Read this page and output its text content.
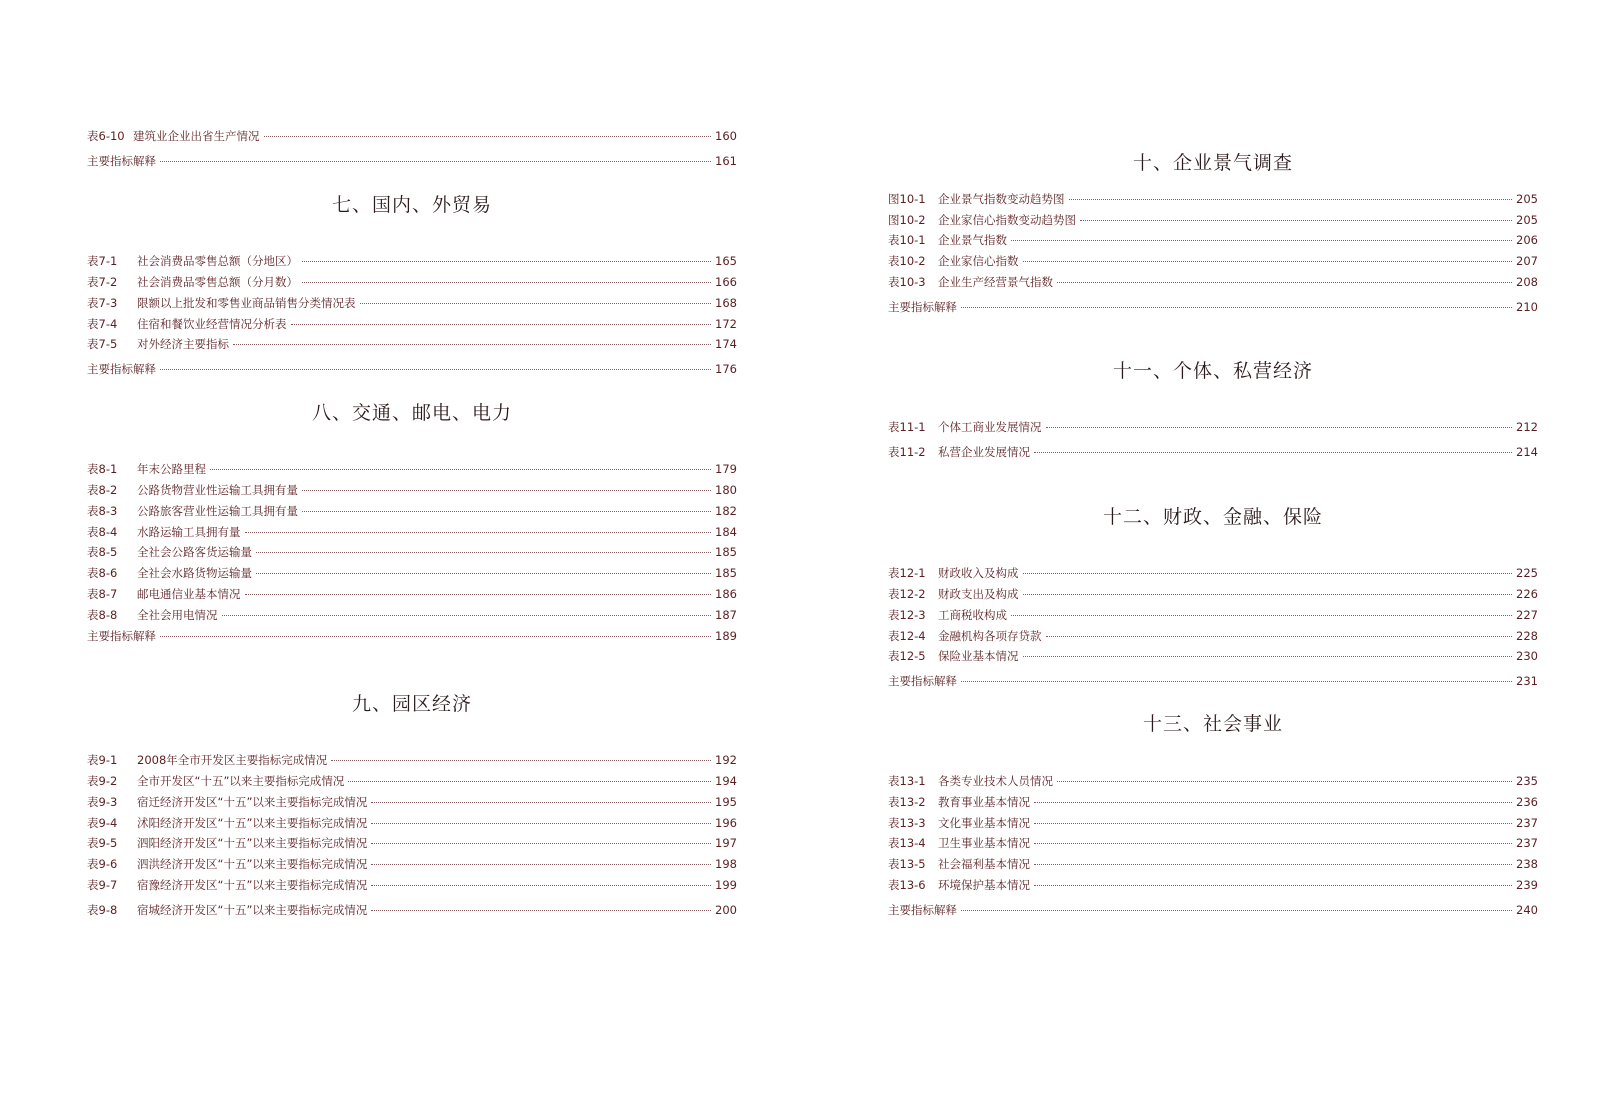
表6-10 建筑业企业出省生产情况	160
主要指标解释	161
七、国内、外贸易
表7-1	社会消费品零售总额（分地区）	165
表7-2	社会消费品零售总额（分月数）	166
表7-3	限额以上批发和零售业商品销售分类情况表	168
表7-4	住宿和餐饮业经营情况分析表	172
表7-5	对外经济主要指标	174
主要指标解释	176
八、交通、邮电、电力
表8-1	年末公路里程	179
表8-2	公路货物营业性运输工具拥有量	180
表8-3	公路旅客营业性运输工具拥有量	182
表8-4	水路运输工具拥有量	184
表8-5	全社会公路客货运输量	185
表8-6	全社会水路货物运输量	185
表8-7	邮电通信业基本情况	186
表8-8	全社会用电情况	187
主要指标解释	189
九、园区经济
表9-1	2008年全市开发区主要指标完成情况	192
表9-2	全市开发区“十五”以来主要指标完成情况	194
表9-3	宿迁经济开发区“十五”以来主要指标完成情况	195
表9-4	沭阳经济开发区“十五”以来主要指标完成情况	196
表9-5	泗阳经济开发区“十五”以来主要指标完成情况	197
表9-6	泗洪经济开发区“十五”以来主要指标完成情况	198
表9-7	宿豫经济开发区“十五”以来主要指标完成情况	199
表9-8	宿城经济开发区“十五”以来主要指标完成情况	200
十、企业景气调查
图10-1	企业景气指数变动趋势图	205
图10-2	企业家信心指数变动趋势图	205
表10-1	企业景气指数	206
表10-2	企业家信心指数	207
表10-3	企业生产经营景气指数	208
主要指标解释	210
十一、个体、私营经济
表11-1	个体工商业发展情况	212
表11-2	私营企业发展情况	214
十二、财政、金融、保险
表12-1	财政收入及构成	225
表12-2	财政支出及构成	226
表12-3	工商税收构成	227
表12-4	金融机构各项存贷款	228
表12-5	保险业基本情况	230
主要指标解释	231
十三、社会事业
表13-1	各类专业技术人员情况	235
表13-2	教育事业基本情况	236
表13-3	文化事业基本情况	237
表13-4	卫生事业基本情况	237
表13-5	社会福利基本情况	238
表13-6	环境保护基本情况	239
主要指标解释	240
